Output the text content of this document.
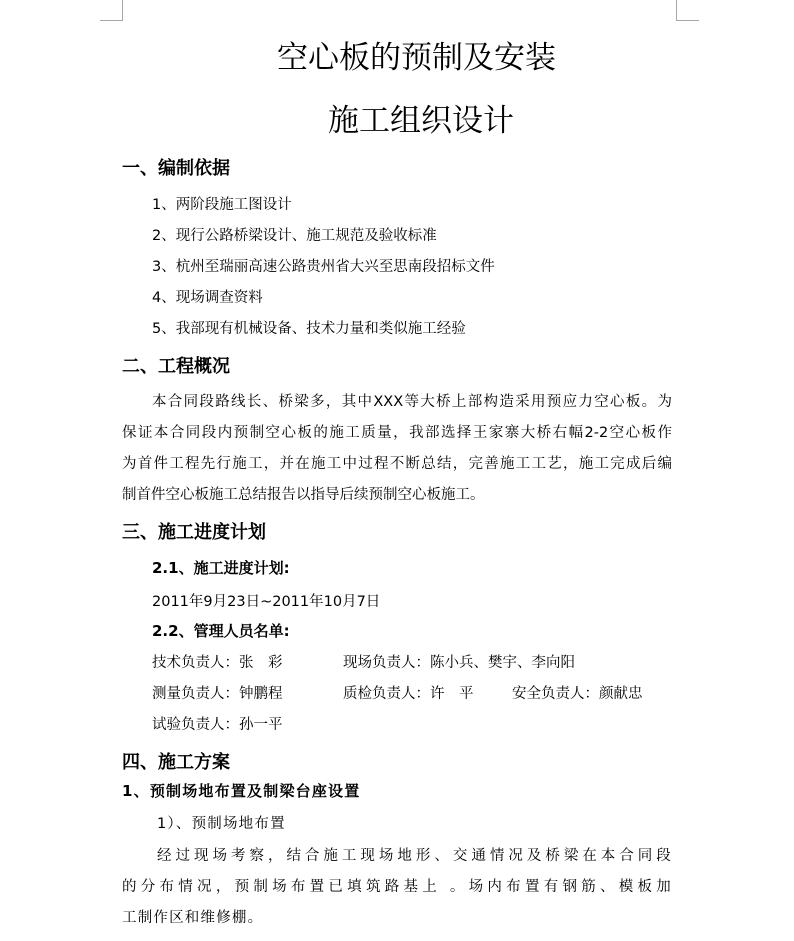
空心板的预制及安装
施工组织设计
一、编制依据
1、两阶段施工图设计
2、现行公路桥梁设计、施工规范及验收标准
3、杭州至瑞丽高速公路贵州省大兴至思南段招标文件
4、现场调查资料
5、我部现有机械设备、技术力量和类似施工经验
二、工程概况
本合同段路线长、桥梁多，其中XXX等大桥上部构造采用预应力空心板。为
保证本合同段内预制空心板的施工质量，我部选择王家寨大桥右幅2-2空心板作
为首件工程先行施工，并在施工中过程不断总结，完善施工工艺，施工完成后编
制首件空心板施工总结报告以指导后续预制空心板施工。
三、施工进度计划
2.1、施工进度计划:
2011年9月23日~2011年10月7日
2.2、管理人员名单:
技术负责人：张　彩	现场负责人：陈小兵、樊宇、李向阳
测量负责人：钟鹏程	质检负责人：许　平	安全负责人：颜献忠
试验负责人：孙一平
四、施工方案
1、预制场地布置及制梁台座设置
1）、预制场地布置
经过现场考察，结合施工现场地形、交通情况及桥梁在本合同段
的分布情况，预制场布置已填筑路基上 。场内布置有钢筋、模板加
工制作区和维修棚。
